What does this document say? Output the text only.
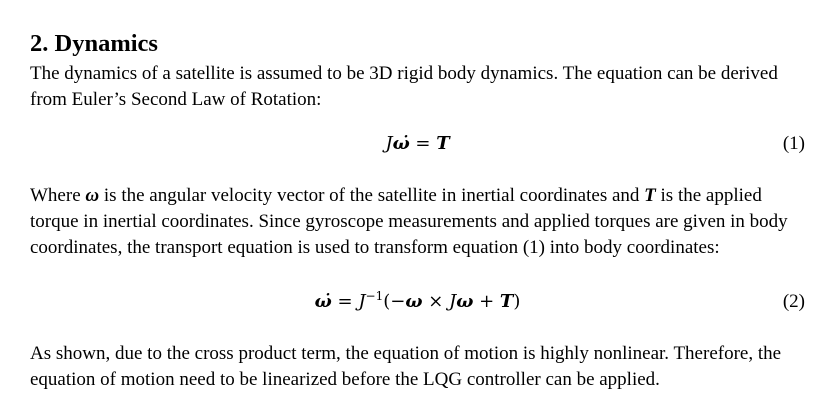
2. Dynamics

The dynamics of a satellite is assumed to be 3D rigid body dynamics. The equation can be derived from Euler’s Second Law of Rotation:

Jω̇ = T	(1)

Where ω is the angular velocity vector of the satellite in inertial coordinates and T is the applied torque in inertial coordinates. Since gyroscope measurements and applied torques are given in body coordinates, the transport equation is used to transform equation (1) into body coordinates:

ω̇ = $J^{-1}(-\omega \times J\omega + T)$	(2)

As shown, due to the cross product term, the equation of motion is highly nonlinear. Therefore, the equation of motion need to be linearized before the LQG controller can be applied.
